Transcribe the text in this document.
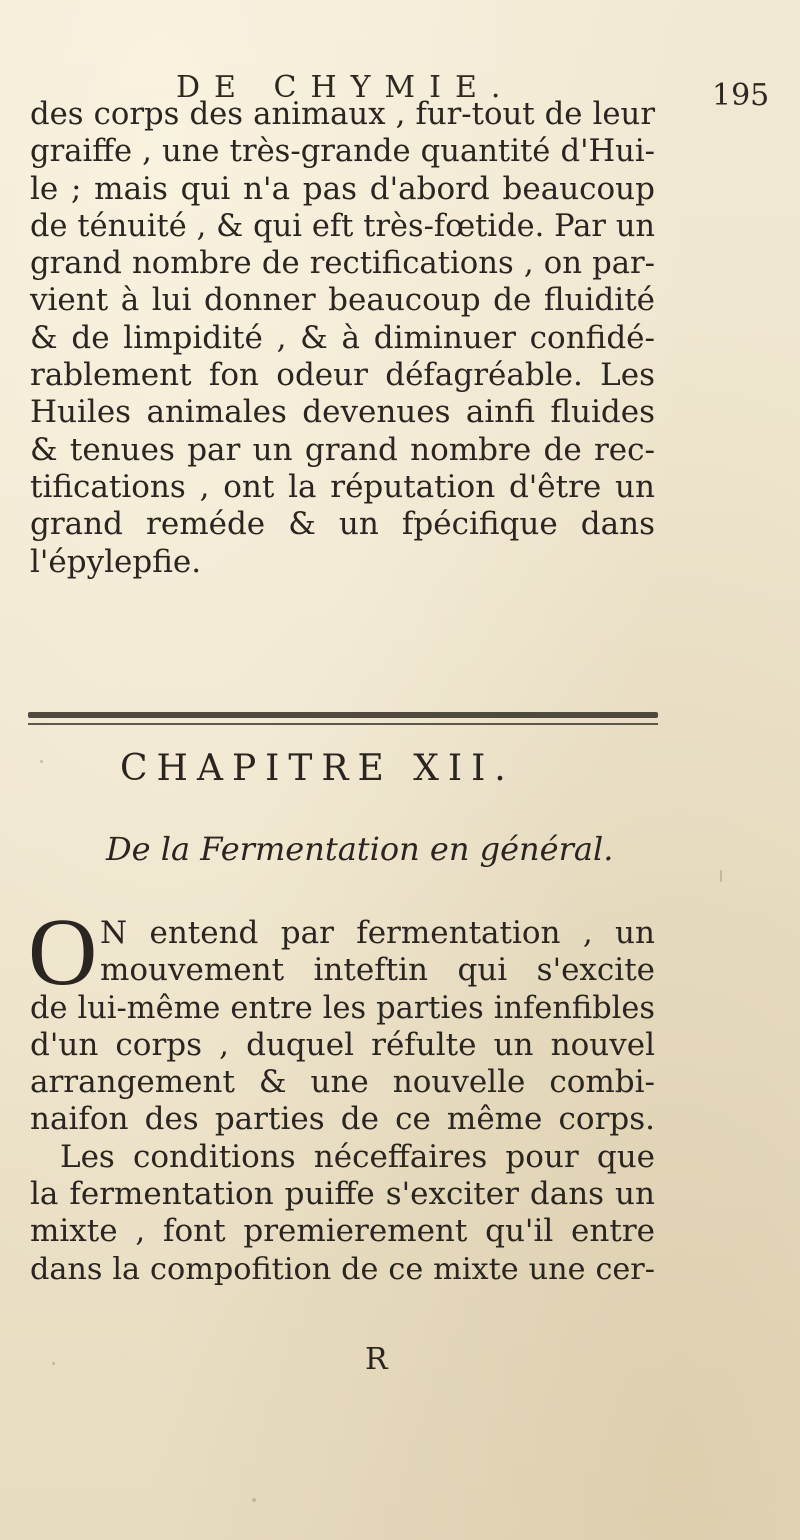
DE CHYMIE.	195
des corps des animaux , fur-tout de leur
graiffe , une très-grande quantité d'Hui-
le ; mais qui n'a pas d'abord beaucoup
de ténuité , & qui eft très-fœtide. Par un
grand nombre de rectifications , on par-
vient à lui donner beaucoup de fluidité
& de limpidité , & à diminuer confidé-
rablement fon odeur défagréable. Les
Huiles animales devenues ainfi fluides
& tenues par un grand nombre de rec-
tifications , ont la réputation d'être un
grand reméde & un fpécifique dans
l'épylepfie.
CHAPITRE XII.
De la Fermentation en général.
O N entend par fermentation , un
mouvement inteftin qui s'excite
de lui-même entre les parties infenfibles
d'un corps , duquel réfulte un nouvel
arrangement & une nouvelle combi-
naifon des parties de ce même corps.
Les conditions néceffaires pour que
la fermentation puiffe s'exciter dans un
mixte , font premierement qu'il entre
dans la compofition de ce mixte une cer-
R
